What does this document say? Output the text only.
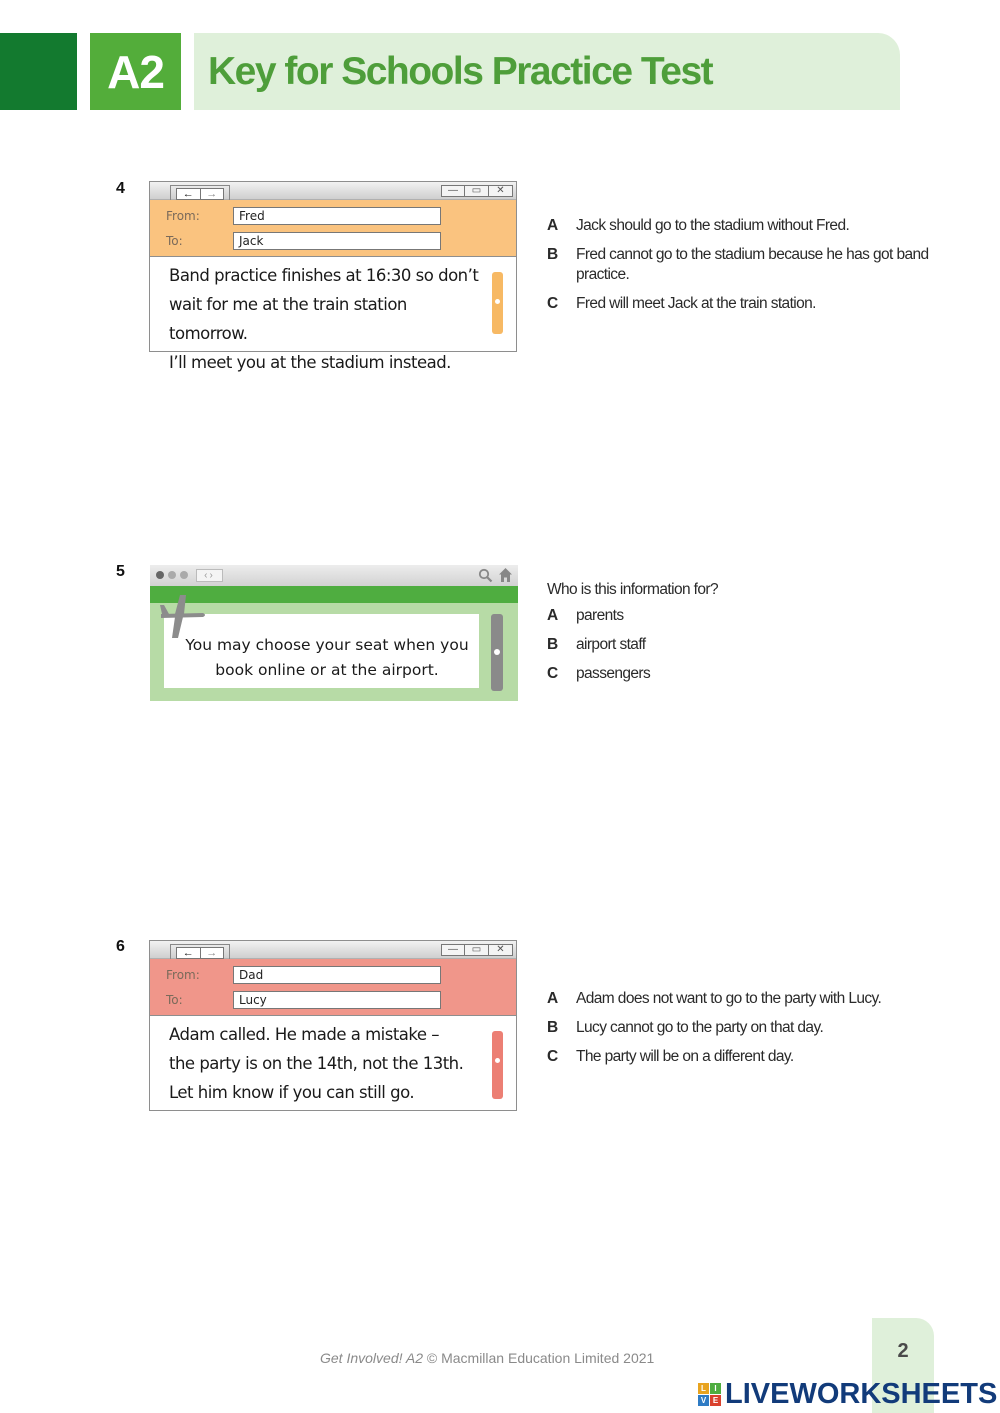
A2	Key for Schools Practice Test
4	←	→	—	▭	✕
From:	Fred
To:	Jack
Band practice finishes at 16:30 so don’t
wait for me at the train station tomorrow.
I’ll meet you at the stadium instead.
A	Jack should go to the stadium without Fred.
B	Fred cannot go to the stadium because he has got band practice.
C	Fred will meet Jack at the train station.
5	‹›
You may choose your seat when you
book online or at the airport.
Who is this information for?
A	parents
B	airport staff
C	passengers
6	←	→	—	▭	✕
From:	Dad
To:	Lucy
Adam called. He made a mistake –
the party is on the 14th, not the 13th.
Let him know if you can still go.
A	Adam does not want to go to the party with Lucy.
B	Lucy cannot go to the party on that day.
C	The party will be on a different day.
Get Involved! A2 © Macmillan Education Limited 2021	2
L	I
V E LIVEWORKSHEETS
